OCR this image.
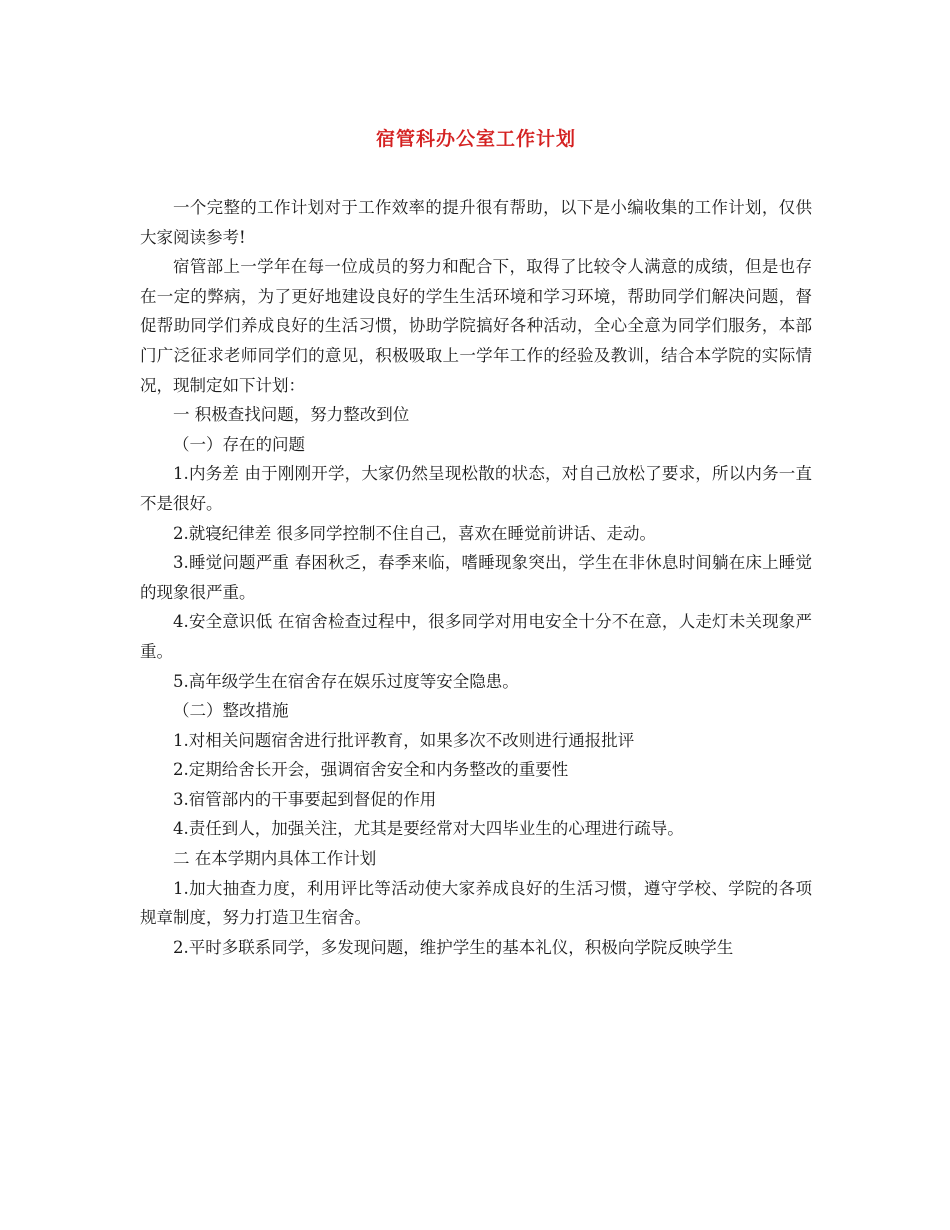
宿管科办公室工作计划

一个完整的工作计划对于工作效率的提升很有帮助，以下是小编收集的工作计划，仅供大家阅读参考!

宿管部上一学年在每一位成员的努力和配合下，取得了比较令人满意的成绩，但是也存在一定的弊病，为了更好地建设良好的学生生活环境和学习环境，帮助同学们解决问题，督促帮助同学们养成良好的生活习惯，协助学院搞好各种活动，全心全意为同学们服务，本部门广泛征求老师同学们的意见，积极吸取上一学年工作的经验及教训，结合本学院的实际情况，现制定如下计划：

一 积极查找问题，努力整改到位

（一）存在的问题

1.内务差 由于刚刚开学，大家仍然呈现松散的状态，对自己放松了要求，所以内务一直不是很好。

2.就寝纪律差 很多同学控制不住自己，喜欢在睡觉前讲话、走动。

3.睡觉问题严重 春困秋乏，春季来临，嗜睡现象突出，学生在非休息时间躺在床上睡觉的现象很严重。

4.安全意识低 在宿舍检查过程中，很多同学对用电安全十分不在意，人走灯未关现象严重。

5.高年级学生在宿舍存在娱乐过度等安全隐患。

（二）整改措施

1.对相关问题宿舍进行批评教育，如果多次不改则进行通报批评

2.定期给舍长开会，强调宿舍安全和内务整改的重要性

3.宿管部内的干事要起到督促的作用

4.责任到人，加强关注，尤其是要经常对大四毕业生的心理进行疏导。

二 在本学期内具体工作计划

1.加大抽查力度，利用评比等活动使大家养成良好的生活习惯，遵守学校、学院的各项规章制度，努力打造卫生宿舍。

2.平时多联系同学，多发现问题，维护学生的基本礼仪，积极向学院反映学生
